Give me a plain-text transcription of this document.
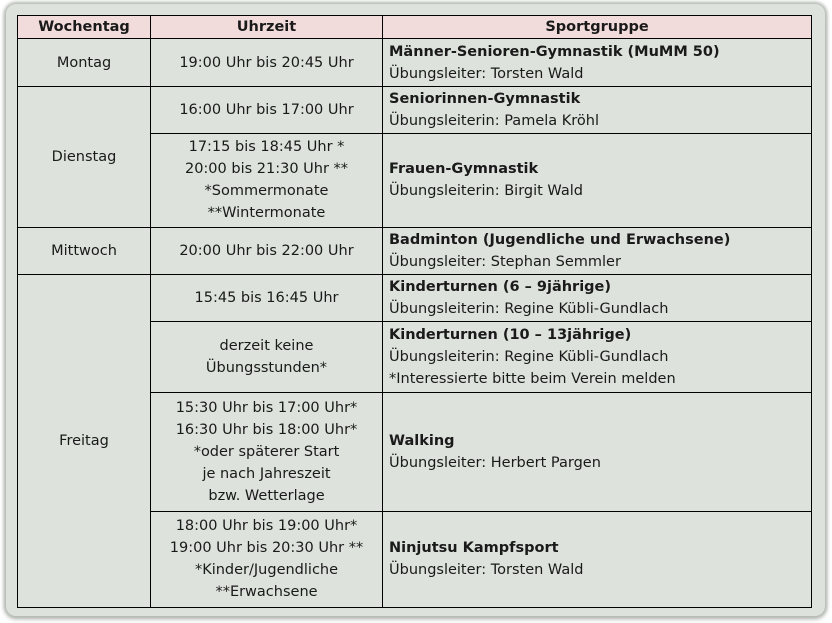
Wochentag	Uhrzeit	Sportgruppe
Montag	19:00 Uhr bis 20:45 Uhr	Männer-Senioren-Gymnastik (MuMM 50)
Übungsleiter: Torsten Wald

Dienstag	16:00 Uhr bis 17:00 Uhr	Seniorinnen-Gymnastik
Übungsleiterin: Pamela Kröhl

	17:15 bis 18:45 Uhr *
20:00 bis 21:30 Uhr **
*Sommermonate
**Wintermonate	Frauen-Gymnastik
Übungsleiterin: Birgit Wald

Mittwoch	20:00 Uhr bis 22:00 Uhr	Badminton (Jugendliche und Erwachsene)
Übungsleiter: Stephan Semmler

Freitag	15:45 bis 16:45 Uhr	Kinderturnen (6 – 9jährige)
Übungsleiterin: Regine Kübli-Gundlach

	derzeit keine
Übungsstunden*	Kinderturnen (10 – 13jährige)
Übungsleiterin: Regine Kübli-Gundlach
*Interessierte bitte beim Verein melden

	15:30 Uhr bis 17:00 Uhr*
16:30 Uhr bis 18:00 Uhr*
*oder späterer Start
je nach Jahreszeit
bzw. Wetterlage	Walking
Übungsleiter: Herbert Pargen

	18:00 Uhr bis 19:00 Uhr*
19:00 Uhr bis 20:30 Uhr **
*Kinder/Jugendliche
**Erwachsene	Ninjutsu Kampfsport
Übungsleiter: Torsten Wald
